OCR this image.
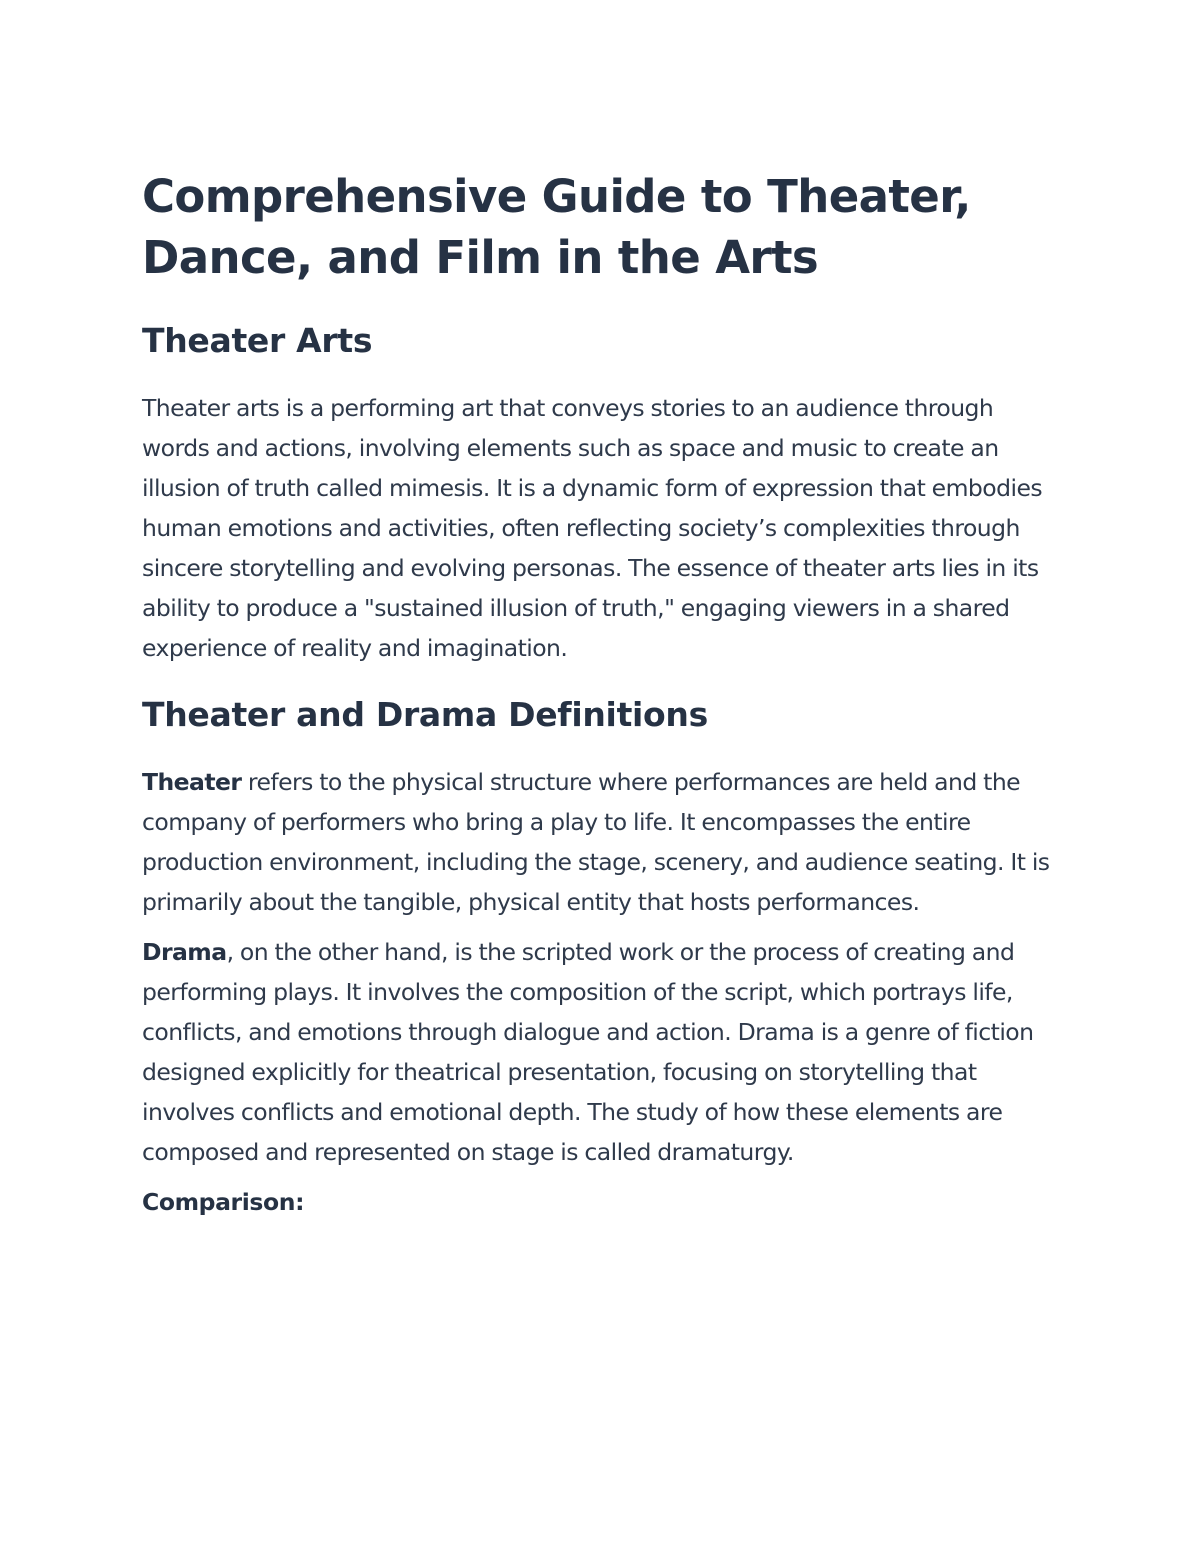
Comprehensive Guide to Theater, Dance, and Film in the Arts
Theater Arts

Theater arts is a performing art that conveys stories to an audience through words and actions, involving elements such as space and music to create an illusion of truth called mimesis. It is a dynamic form of expression that embodies human emotions and activities, often reflecting society’s complexities through sincere storytelling and evolving personas. The essence of theater arts lies in its ability to produce a "sustained illusion of truth," engaging viewers in a shared experience of reality and imagination.

Theater and Drama Definitions

Theater refers to the physical structure where performances are held and the company of performers who bring a play to life. It encompasses the entire production environment, including the stage, scenery, and audience seating. It is primarily about the tangible, physical entity that hosts performances.

Drama, on the other hand, is the scripted work or the process of creating and performing plays. It involves the composition of the script, which portrays life, conflicts, and emotions through dialogue and action. Drama is a genre of fiction designed explicitly for theatrical presentation, focusing on storytelling that involves conflicts and emotional depth. The study of how these elements are composed and represented on stage is called dramaturgy.

Comparison:
